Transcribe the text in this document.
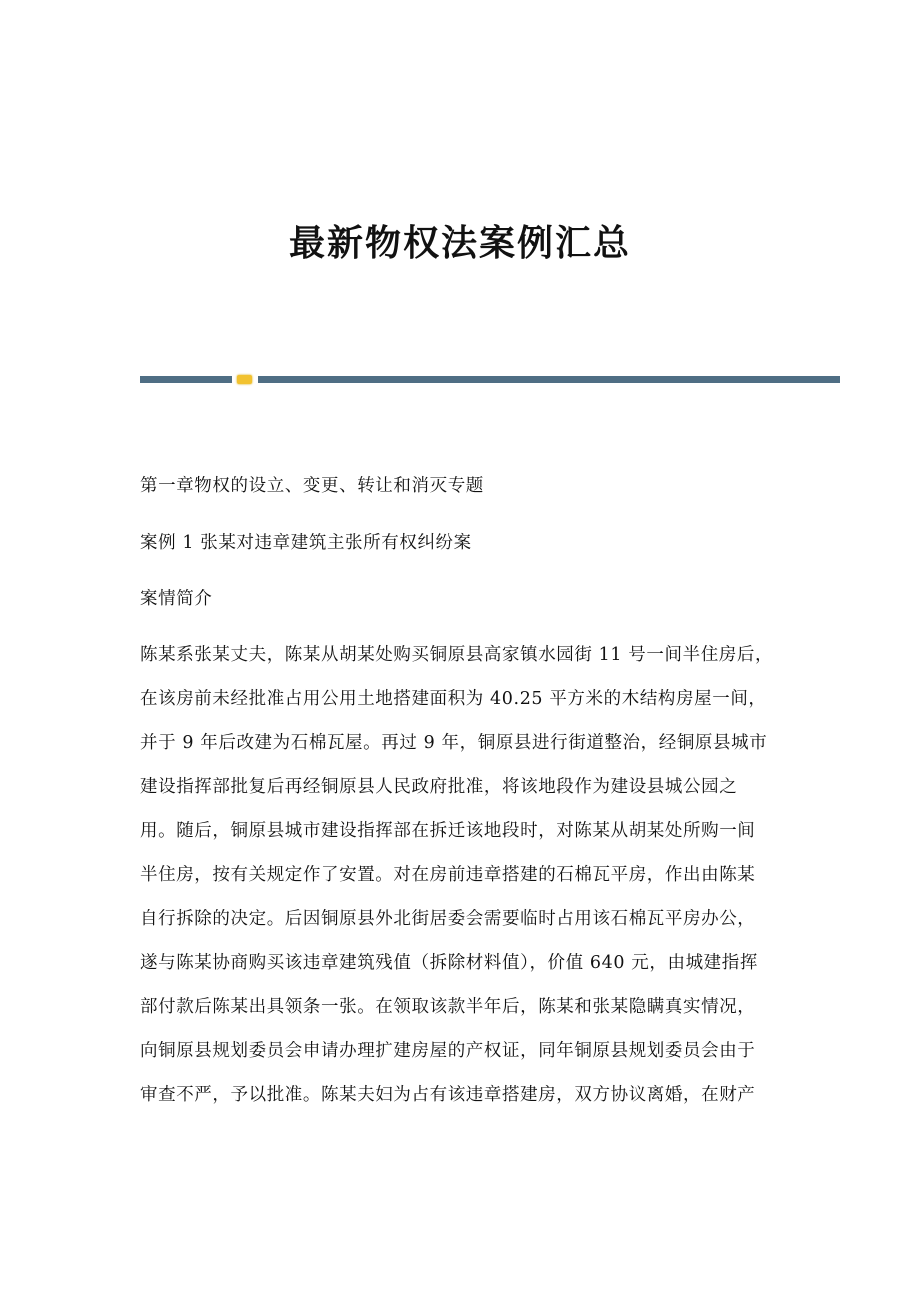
最新物权法案例汇总
第一章物权的设立、变更、转让和消灭专题
案例 1 张某对违章建筑主张所有权纠纷案
案情简介
陈某系张某丈夫，陈某从胡某处购买铜原县高家镇水园街 11 号一间半住房后，
在该房前未经批准占用公用土地搭建面积为 40.25 平方米的木结构房屋一间，
并于 9 年后改建为石棉瓦屋。再过 9 年，铜原县进行街道整治，经铜原县城市
建设指挥部批复后再经铜原县人民政府批准，将该地段作为建设县城公园之
用。随后，铜原县城市建设指挥部在拆迁该地段时，对陈某从胡某处所购一间
半住房，按有关规定作了安置。对在房前违章搭建的石棉瓦平房，作出由陈某
自行拆除的决定。后因铜原县外北街居委会需要临时占用该石棉瓦平房办公，
遂与陈某协商购买该违章建筑残值（拆除材料值），价值 640 元，由城建指挥
部付款后陈某出具领条一张。在领取该款半年后，陈某和张某隐瞒真实情况，
向铜原县规划委员会申请办理扩建房屋的产权证，同年铜原县规划委员会由于
审查不严，予以批准。陈某夫妇为占有该违章搭建房，双方协议离婚，在财产
